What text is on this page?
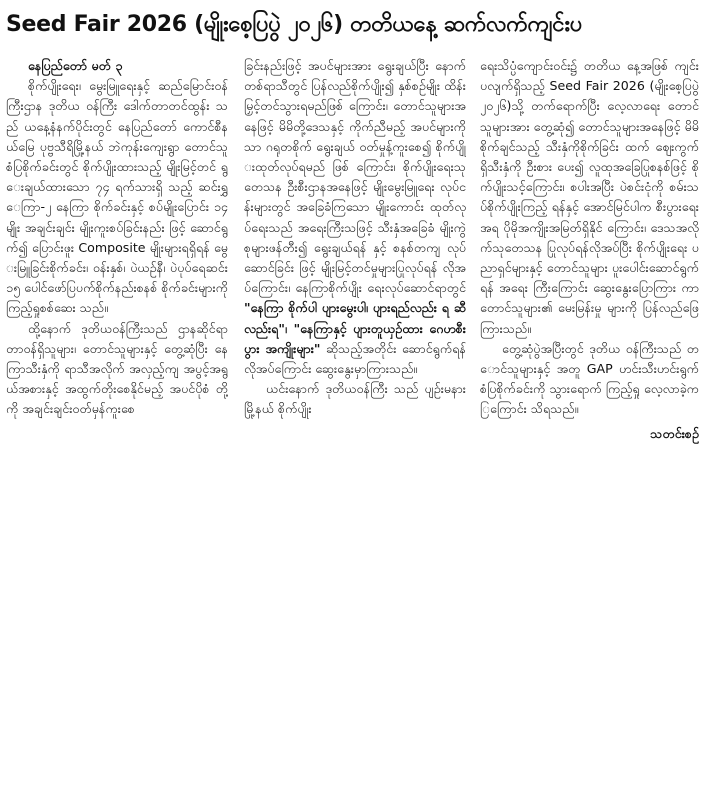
Seed Fair 2026 (မျိုးစေ့ပြပွဲ ၂၀၂၆) တတိယနေ့ ဆက်လက်ကျင်းပ

နေပြည်တော် မတ် ၃

စိုက်ပျိုးရေး၊ မွေးမြူရေးနှင့် ဆည်မြောင်းဝန်ကြီးဌာန ဒုတိယ ဝန်ကြီး ဒေါက်တာတင်ထွန်း သည် ယနေ့နံနက်ပိုင်းတွင် နေပြည်တော် ကောင်စီနယ်မြေ ပုဗ္ဗသီရိမြို့နယ် ဘဲကုန်းကျေးရွာ တောင်သူ စံပြစိုက်ခင်းတွင် စိုက်ပျိုးထားသည့် မျိုးမြင့်တင် ရွေးချယ်ထားသော ၇၄ ရက်သားရှိ သည့် ဆင်းရွှေကြာ-၂ နေကြာ စိုက်ခင်းနှင့် စပ်မျိုးပြောင်း ၁၄ မျိုး အချင်းချင်း မျိုးကူးစပ်ခြင်းနည်း ဖြင့် ဆောင်ရွက်၍ ပြောင်းဖူး Composite မျိုးများရရှိရန် မွေးမြူခြင်းစိုက်ခင်း၊ ဝန်းနှစ်၊ ပဲယဉ်နီ၊ ပဲပုပ်ရေဆင်း ၁၅ ပေါင်ဖော်ပြပက်စိုက်နည်းစနစ် စိုက်ခင်းများကို ကြည့်ရှုစစ်ဆေး သည်။

ထို့နောက် ဒုတိယဝန်ကြီးသည် ဌာနဆိုင်ရာ တာဝန်ရှိသူများ၊ တောင်သူများနှင့် တွေ့ဆုံပြီး နေကြာသီးနှံကို ရာသီအလိုက် အလှည့်ကျ အပွင့်အရွယ်အစားနှင့် အထွက်တိုးစေနိုင်မည့် အပင်ပိုစံ တို့ကို အချင်းချင်းဝတ်မှန်ကူးစေ

ခြင်းနည်းဖြင့် အပင်များအား ရွေးချယ်ပြီး နောက်တစ်ရာသီတွင် ပြန်လည်စိုက်ပျိုး၍ နှစ်စဉ်မျိုး ထိန်း မြှင့်တင်သွားရမည်ဖြစ် ကြောင်း၊ တောင်သူများအနေဖြင့် မိမိတို့ဒေသနှင့် ကိုက်ညီမည့် အပင်များကိုသာ ဂရုတစိုက် ရွေးချယ် ဝတ်မှုန့်ကူးစေ၍ စိုက်ပျိုးထုတ်လုပ်ရမည် ဖြစ် ကြောင်း၊ စိုက်ပျိုးရေးသုတေသန ဦးစီးဌာနအနေဖြင့် မျိုးမွေးမြူရေး လုပ်ငန်းများတွင် အခြေခံကြသော မျိုးကောင်း ထုတ်လုပ်ရေးသည် အရေးကြီးသဖြင့် သီးနှံအခြေခံ မျိုးကွဲစုများဖန်တီး၍ ရွေးချယ်ရန် နှင့် စနစ်တကျ လုပ်ဆောင်ခြင်း ဖြင့် မျိုးမြင့်တင်မှုများပြုလုပ်ရန် လိုအပ်ကြောင်း၊ နေကြာစိုက်ပျိုး ရေးလုပ်ဆောင်ရာတွင် "နေကြာ စိုက်ပါ ပျားမွေးပါ၊ ပျားရည်လည်း ရ ဆီလည်းရ"၊ "နေကြာနှင့် ပျားတူယှဉ်ထား ဂေဟစီးပွား အကျိုးများ" ဆိုသည့်အတိုင်း ဆောင်ရွက်ရန် လိုအပ်ကြောင်း ဆွေးနွေးမှာကြားသည်။

ယင်းနောက် ဒုတိယဝန်ကြီး သည် ပျဉ်းမနားမြို့နယ် စိုက်ပျိုး

ရေးသိပ္ပံကျောင်းဝင်း၌ တတိယ နေ့အဖြစ် ကျင်းပလျက်ရှိသည့် Seed Fair 2026 (မျိုးစေ့ပြပွဲ ၂၀၂၆)သို့ တက်ရောက်ပြီး လေ့လာရေး တောင်သူများအား တွေ့ဆုံ၍ တောင်သူများအနေဖြင့် မိမိစိုက်ချင်သည့် သီးနှံကိုစိုက်ခြင်း ထက် ဈေးကွက်ရှိသီးနှံကို ဦးစား ပေး၍ လူထုအခြေပြုစနစ်ဖြင့် စိုက်ပျိုးသင့်ကြောင်း၊ စပါးအပြီး ပဲစင်းငုံကို စမ်းသပ်စိုက်ပျိုးကြည့် ရန်နှင့် အောင်မြင်ပါက စီးပွားရေး အရ ပိုမိုအကျိုးအမြတ်ရှိနိုင် ကြောင်း၊ ဒေသအလိုက်သုတေသန ပြုလုပ်ရန်လိုအပ်ပြီး စိုက်ပျိုးရေး ပညာရှင်များနှင့် တောင်သူများ ပူးပေါင်းဆောင်ရွက်ရန် အရေး ကြီးကြောင်း ဆွေးနွေးပြောကြား ကာ တောင်သူများ၏ မေးမြန်းမှု များကို ပြန်လည်ဖြေကြားသည်။

တွေ့ဆုံပွဲအပြီးတွင် ဒုတိယ ဝန်ကြီးသည် တောင်သူများနှင့် အတူ GAP ဟင်းသီးဟင်းရွက် စံပြစိုက်ခင်းကို သွားရောက် ကြည့်ရှု လေ့လာခဲ့ကြကြောင်း သိရသည်။

သတင်းစဉ်
